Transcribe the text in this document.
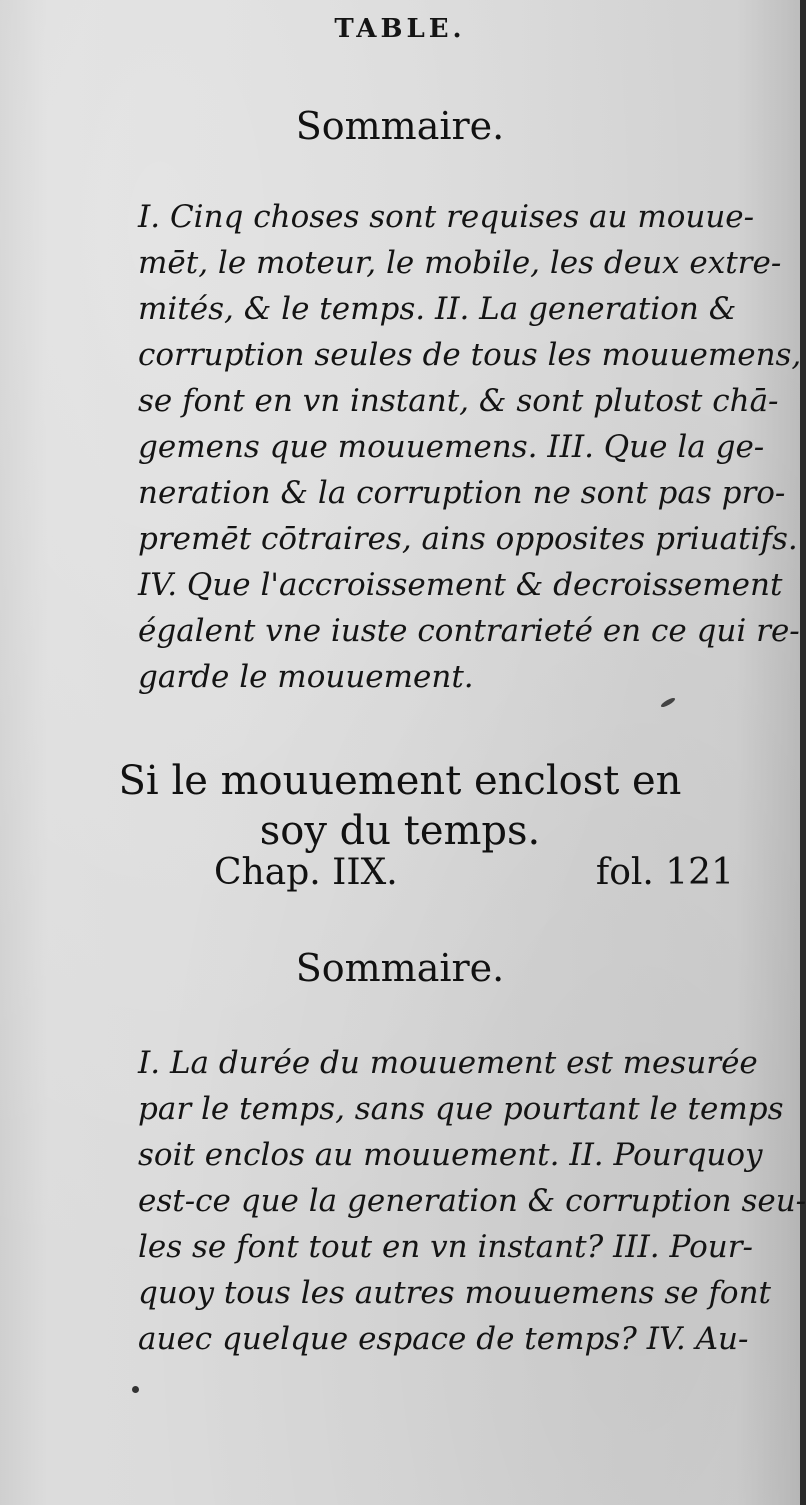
TABLE.
Sommaire.
I. Cinq choses sont requises au mouue-
mēt, le moteur, le mobile, les deux extre-
mités, & le temps. II. La generation &
corruption seules de tous les mouuemens,
se font en vn instant, & sont plutost chā-
gemens que mouuemens. III. Que la ge-
neration & la corruption ne sont pas pro-
premēt cōtraires, ains opposites priuatifs.
IV. Que l'accroissement & decroissement
égalent vne iuste contrarieté en ce qui re-
garde le mouuement.
Si le mouuement enclost en
soy du temps.
Chap. IIX.	fol. 121
Sommaire.
I. La durée du mouuement est mesurée
par le temps, sans que pourtant le temps
soit enclos au mouuement. II. Pourquoy
est-ce que la generation & corruption seu-
les se font tout en vn instant? III. Pour-
quoy tous les autres mouuemens se font
auec quelque espace de temps? IV. Au-
